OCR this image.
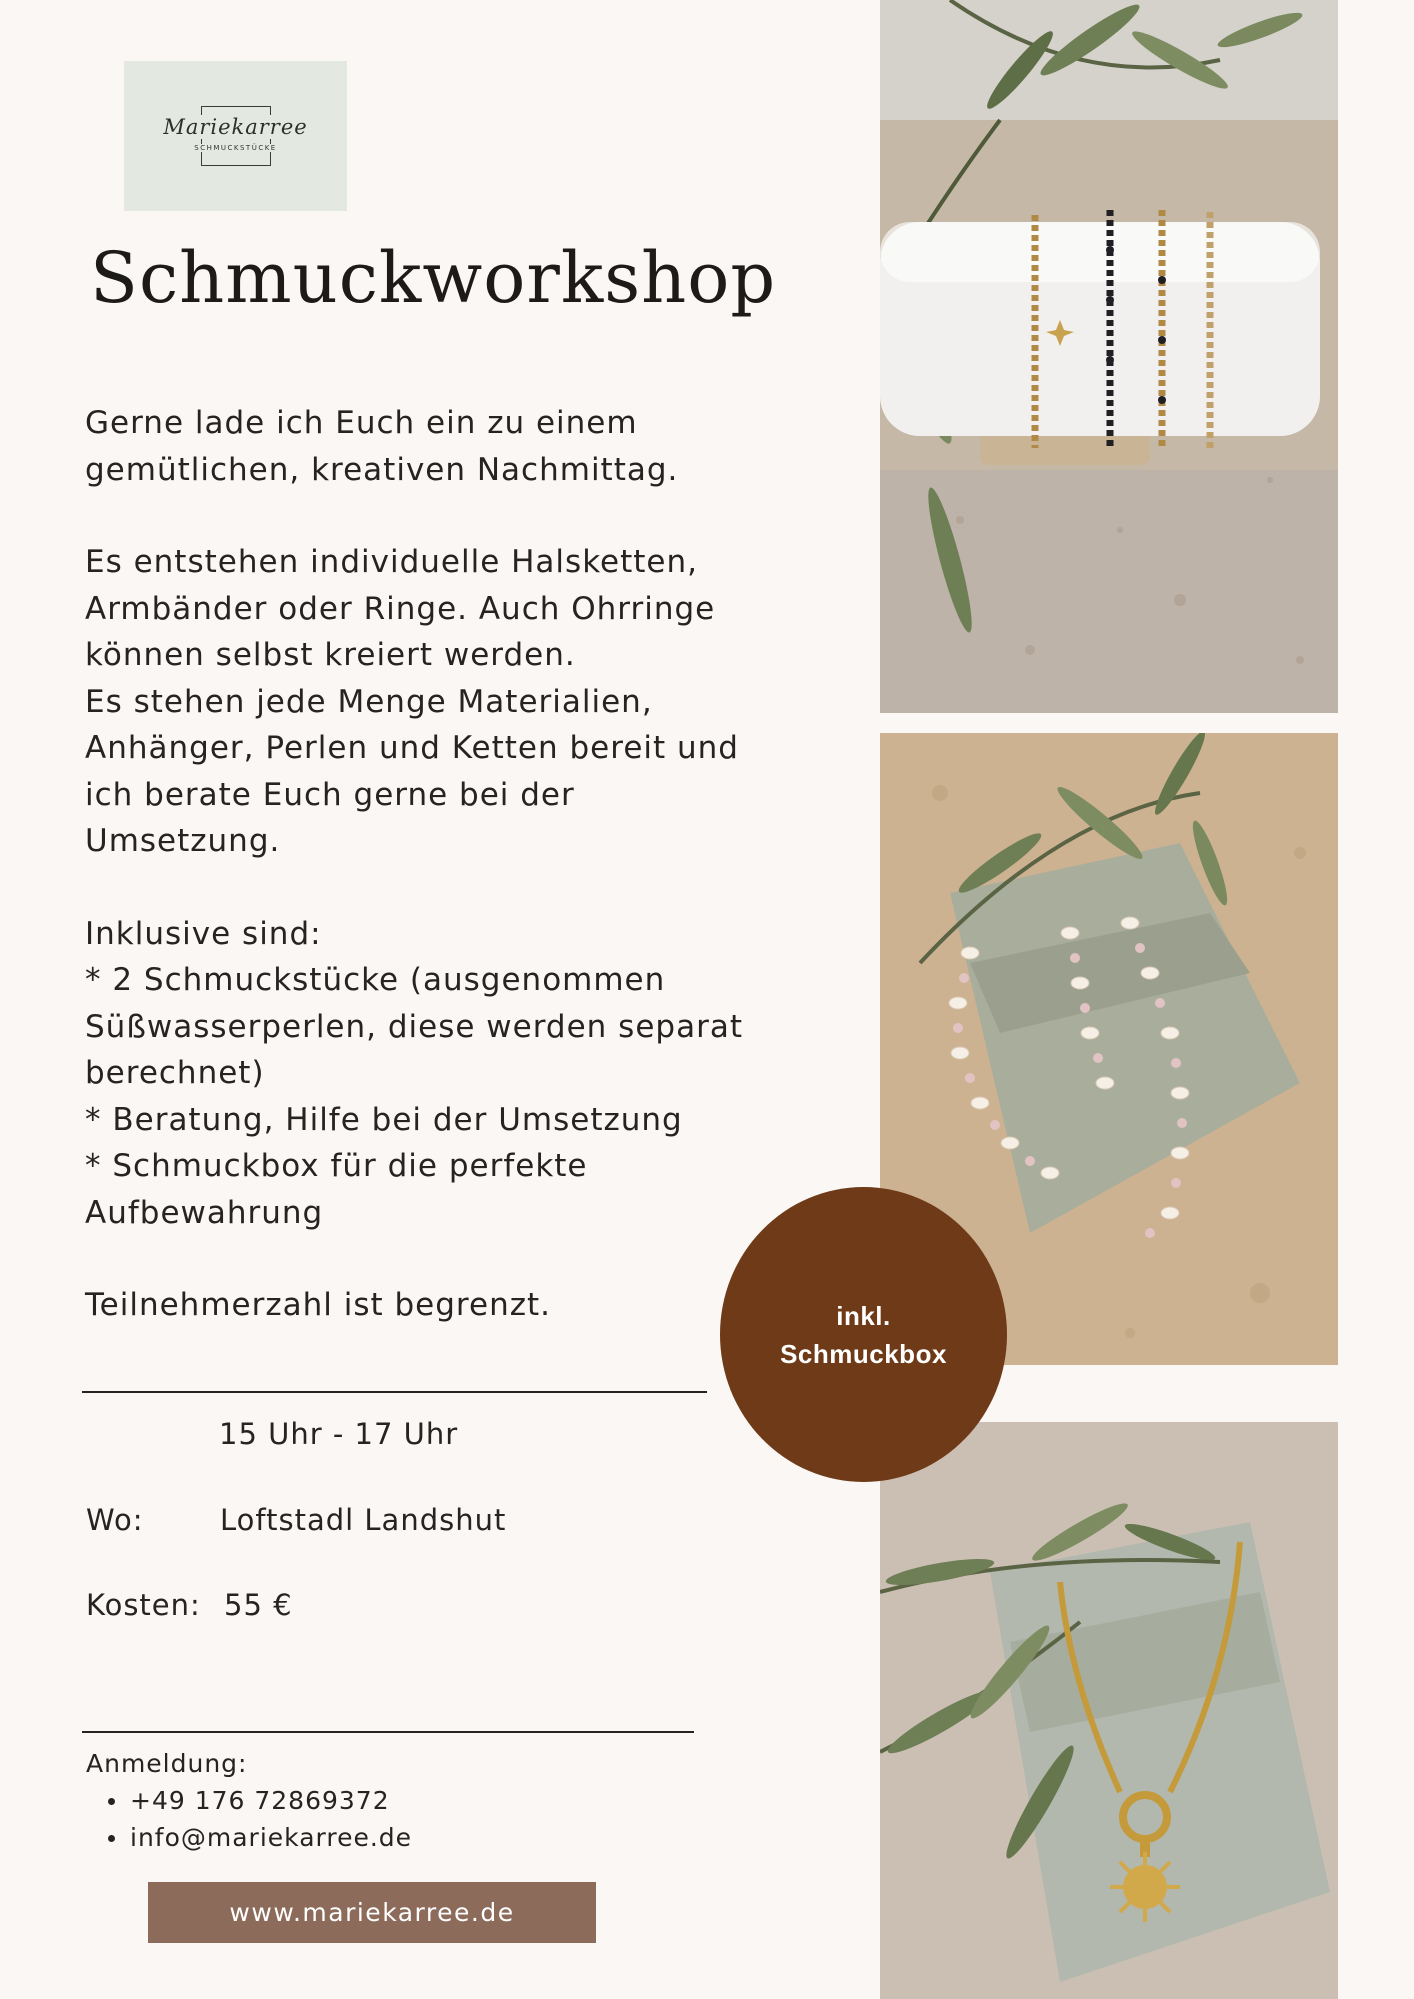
Mariekarree
SCHMUCKSTÜCKE
Schmuckworkshop

Gerne lade ich Euch ein zu einem
gemütlichen, kreativen Nachmittag.

Es entstehen individuelle Halsketten,
Armbänder oder Ringe. Auch Ohrringe
können selbst kreiert werden.
Es stehen jede Menge Materialien,
Anhänger, Perlen und Ketten bereit und
ich berate Euch gerne bei der
Umsetzung.

Inklusive sind:
* 2 Schmuckstücke (ausgenommen
Süßwasserperlen, diese werden separat
berechnet)
* Beratung, Hilfe bei der Umsetzung
* Schmuckbox für die perfekte
Aufbewahrung

Teilnehmerzahl ist begrenzt.

15 Uhr - 17 Uhr
Wo:	Loftstadl Landshut
Kosten: 55 €
Anmeldung:
+49 176 72869372
info@mariekarree.de
www.mariekarree.de
inkl.
Schmuckbox
